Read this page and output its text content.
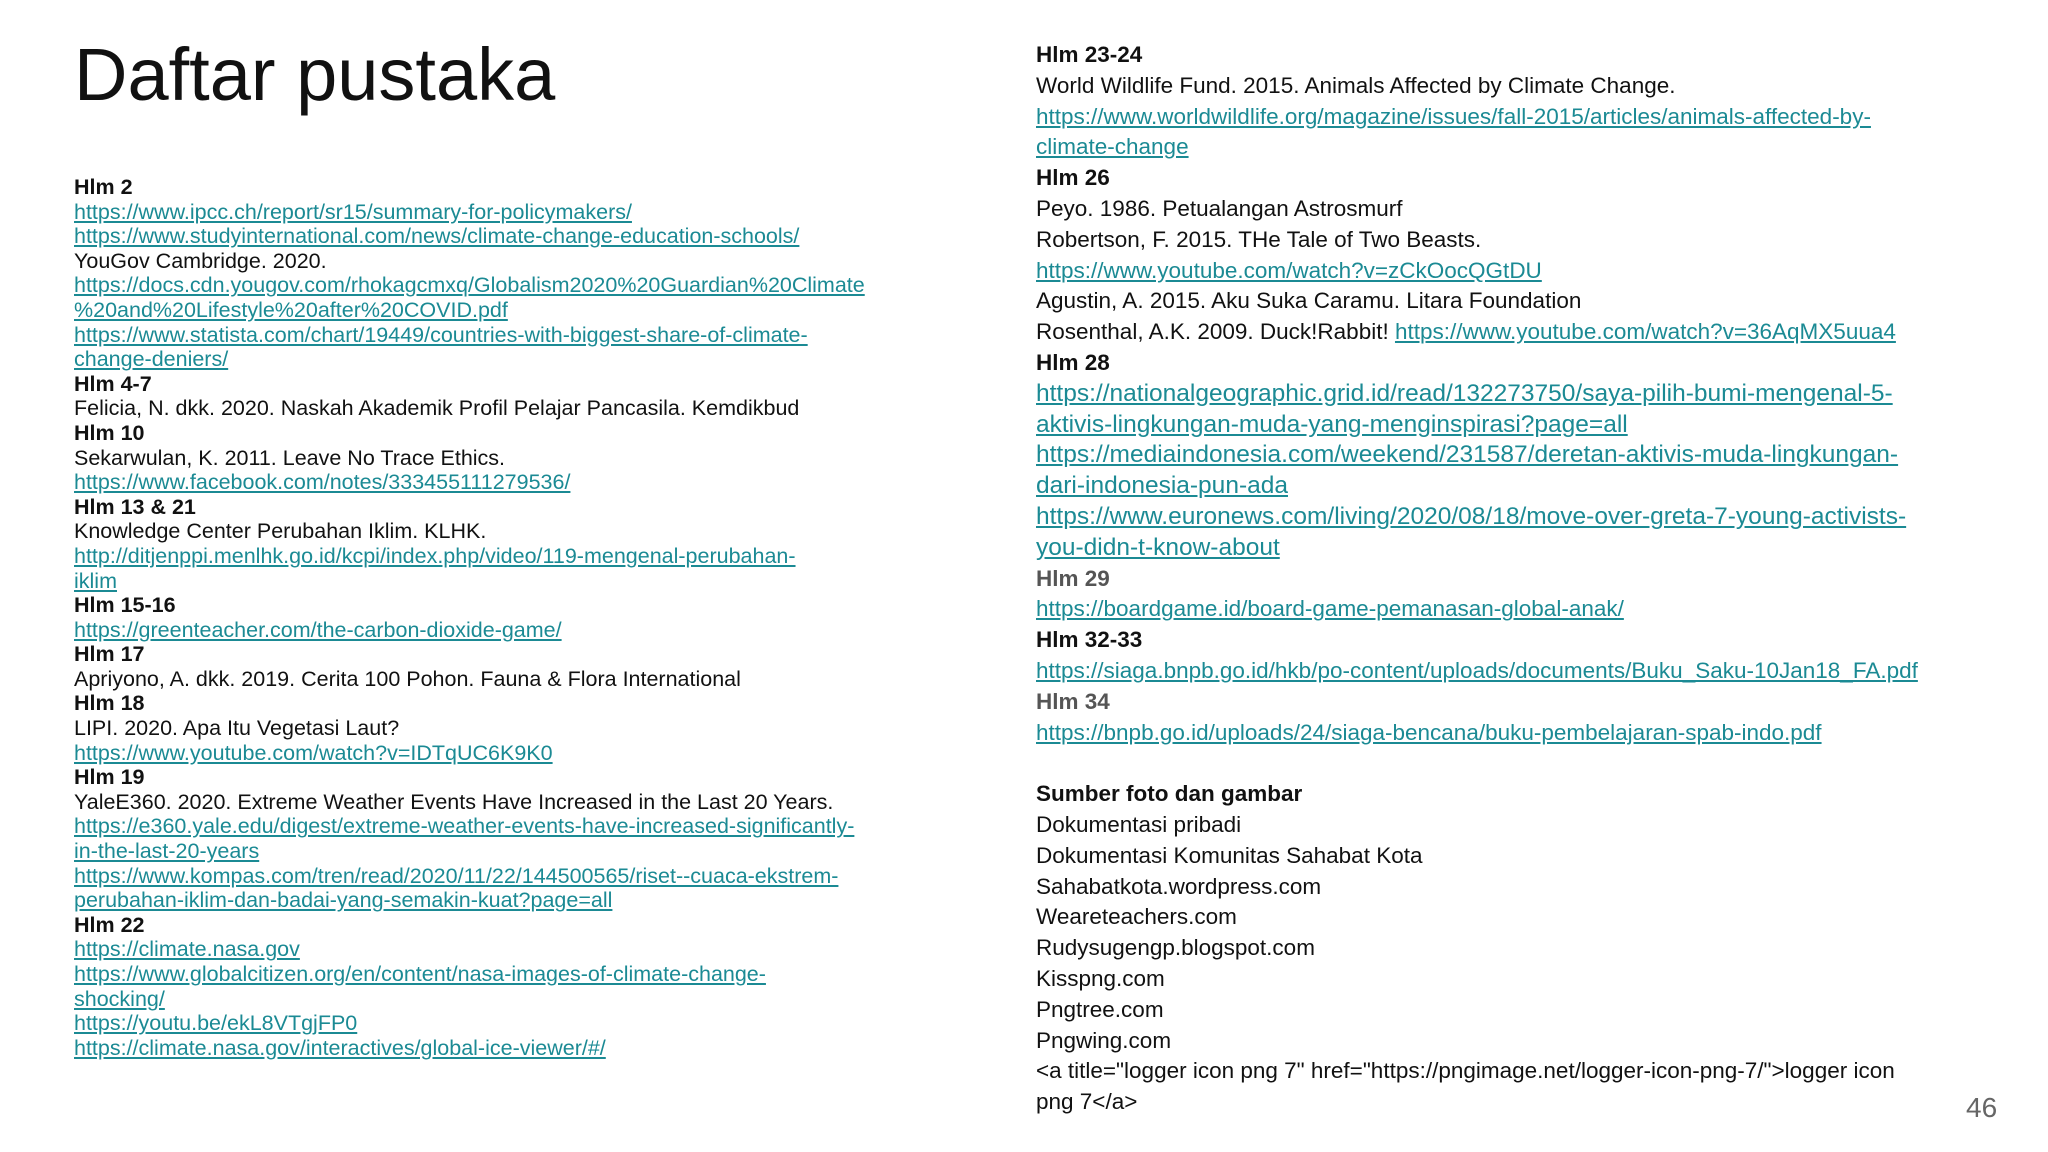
Daftar pustaka
Hlm 2
https://www.ipcc.ch/report/sr15/summary-for-policymakers/
https://www.studyinternational.com/news/climate-change-education-schools/
YouGov Cambridge. 2020.
https://docs.cdn.yougov.com/rhokagcmxq/Globalism2020%20Guardian%20Climate
%20and%20Lifestyle%20after%20COVID.pdf
https://www.statista.com/chart/19449/countries-with-biggest-share-of-climate-
change-deniers/
Hlm 4-7
Felicia, N. dkk. 2020. Naskah Akademik Profil Pelajar Pancasila. Kemdikbud
Hlm 10
Sekarwulan, K. 2011. Leave No Trace Ethics.
https://www.facebook.com/notes/333455111279536/
Hlm 13 & 21
Knowledge Center Perubahan Iklim. KLHK.
http://ditjenppi.menlhk.go.id/kcpi/index.php/video/119-mengenal-perubahan-
iklim
Hlm 15-16
https://greenteacher.com/the-carbon-dioxide-game/
Hlm 17
Apriyono, A. dkk. 2019. Cerita 100 Pohon. Fauna & Flora International
Hlm 18
LIPI. 2020. Apa Itu Vegetasi Laut?
https://www.youtube.com/watch?v=IDTqUC6K9K0
Hlm 19
YaleE360. 2020. Extreme Weather Events Have Increased in the Last 20 Years.
https://e360.yale.edu/digest/extreme-weather-events-have-increased-significantly-
in-the-last-20-years
https://www.kompas.com/tren/read/2020/11/22/144500565/riset--cuaca-ekstrem-
perubahan-iklim-dan-badai-yang-semakin-kuat?page=all
Hlm 22
https://climate.nasa.gov
https://www.globalcitizen.org/en/content/nasa-images-of-climate-change-
shocking/
https://youtu.be/ekL8VTgjFP0
https://climate.nasa.gov/interactives/global-ice-viewer/#/
Hlm 23-24
World Wildlife Fund. 2015. Animals Affected by Climate Change.
https://www.worldwildlife.org/magazine/issues/fall-2015/articles/animals-affected-by-
climate-change
Hlm 26
Peyo. 1986. Petualangan Astrosmurf
Robertson, F. 2015. THe Tale of Two Beasts.
https://www.youtube.com/watch?v=zCkOocQGtDU
Agustin, A. 2015. Aku Suka Caramu. Litara Foundation
Rosenthal, A.K. 2009. Duck!Rabbit! https://www.youtube.com/watch?v=36AqMX5uua4
Hlm 28
https://nationalgeographic.grid.id/read/132273750/saya-pilih-bumi-mengenal-5-
aktivis-lingkungan-muda-yang-menginspirasi?page=all
https://mediaindonesia.com/weekend/231587/deretan-aktivis-muda-lingkungan-
dari-indonesia-pun-ada
https://www.euronews.com/living/2020/08/18/move-over-greta-7-young-activists-
you-didn-t-know-about
Hlm 29
https://boardgame.id/board-game-pemanasan-global-anak/
Hlm 32-33
https://siaga.bnpb.go.id/hkb/po-content/uploads/documents/Buku_Saku-10Jan18_FA.pdf
Hlm 34
https://bnpb.go.id/uploads/24/siaga-bencana/buku-pembelajaran-spab-indo.pdf
Sumber foto dan gambar
Dokumentasi pribadi
Dokumentasi Komunitas Sahabat Kota
Sahabatkota.wordpress.com
Weareteachers.com
Rudysugengp.blogspot.com
Kisspng.com
Pngtree.com
Pngwing.com
<a title="logger icon png 7" href="https://pngimage.net/logger-icon-png-7/">logger icon
png 7</a>	46
